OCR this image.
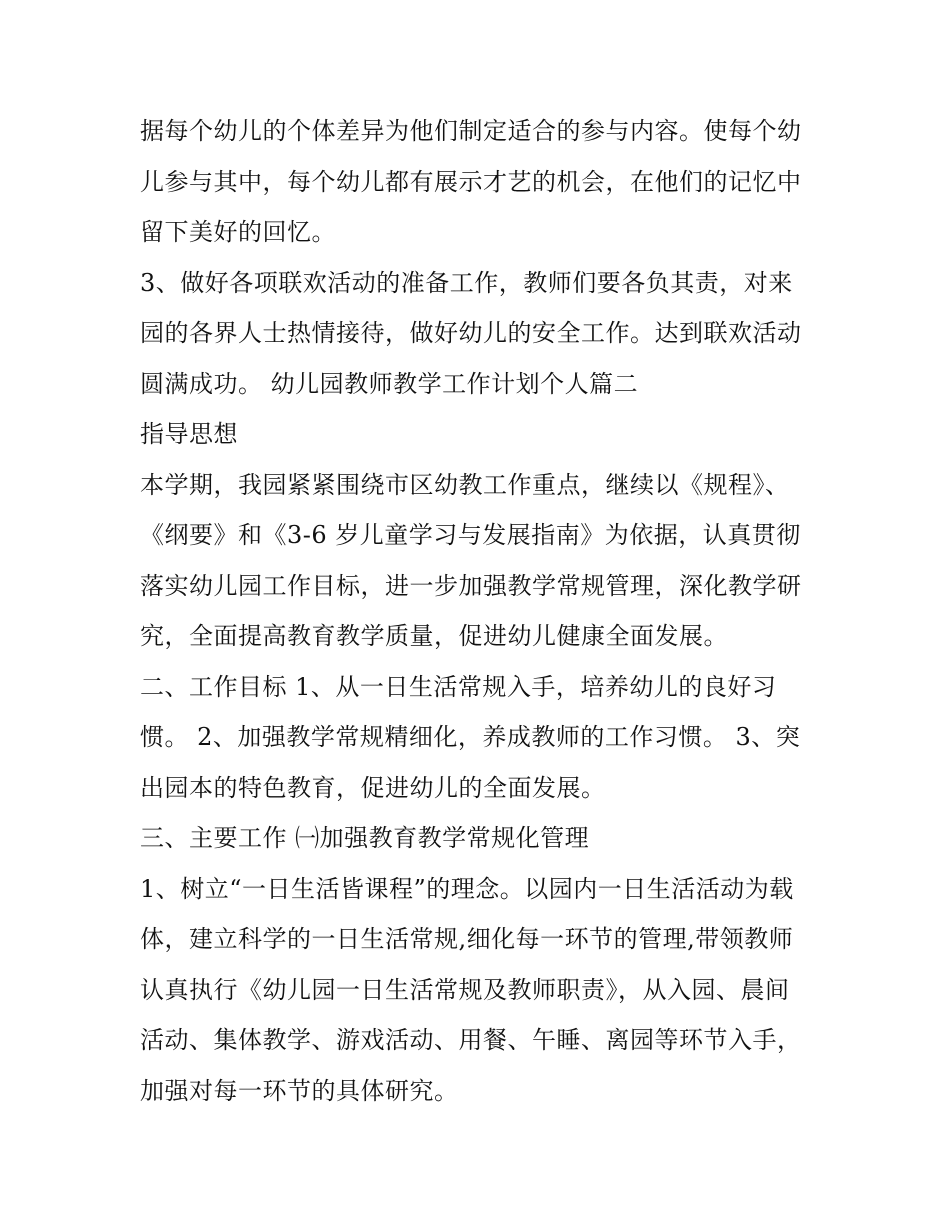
据每个幼儿的个体差异为他们制定适合的参与内容。使每个幼
儿参与其中，每个幼儿都有展示才艺的机会，在他们的记忆中
留下美好的回忆。
3、做好各项联欢活动的准备工作，教师们要各负其责，对来
园的各界人士热情接待，做好幼儿的安全工作。达到联欢活动
圆满成功。 幼儿园教师教学工作计划个人篇二
指导思想
本学期，我园紧紧围绕市区幼教工作重点，继续以《规程》、
《纲要》和《3-6 岁儿童学习与发展指南》为依据，认真贯彻
落实幼儿园工作目标，进一步加强教学常规管理，深化教学研
究，全面提高教育教学质量，促进幼儿健康全面发展。
二、工作目标 1、从一日生活常规入手，培养幼儿的良好习
惯。 2、加强教学常规精细化，养成教师的工作习惯。 3、突
出园本的特色教育，促进幼儿的全面发展。
三、主要工作 ㈠加强教育教学常规化管理
1、树立“一日生活皆课程”的理念。以园内一日生活活动为载
体，建立科学的一日生活常规,细化每一环节的管理,带领教师
认真执行《幼儿园一日生活常规及教师职责》，从入园、晨间
活动、集体教学、游戏活动、用餐、午睡、离园等环节入手，
加强对每一环节的具体研究。
